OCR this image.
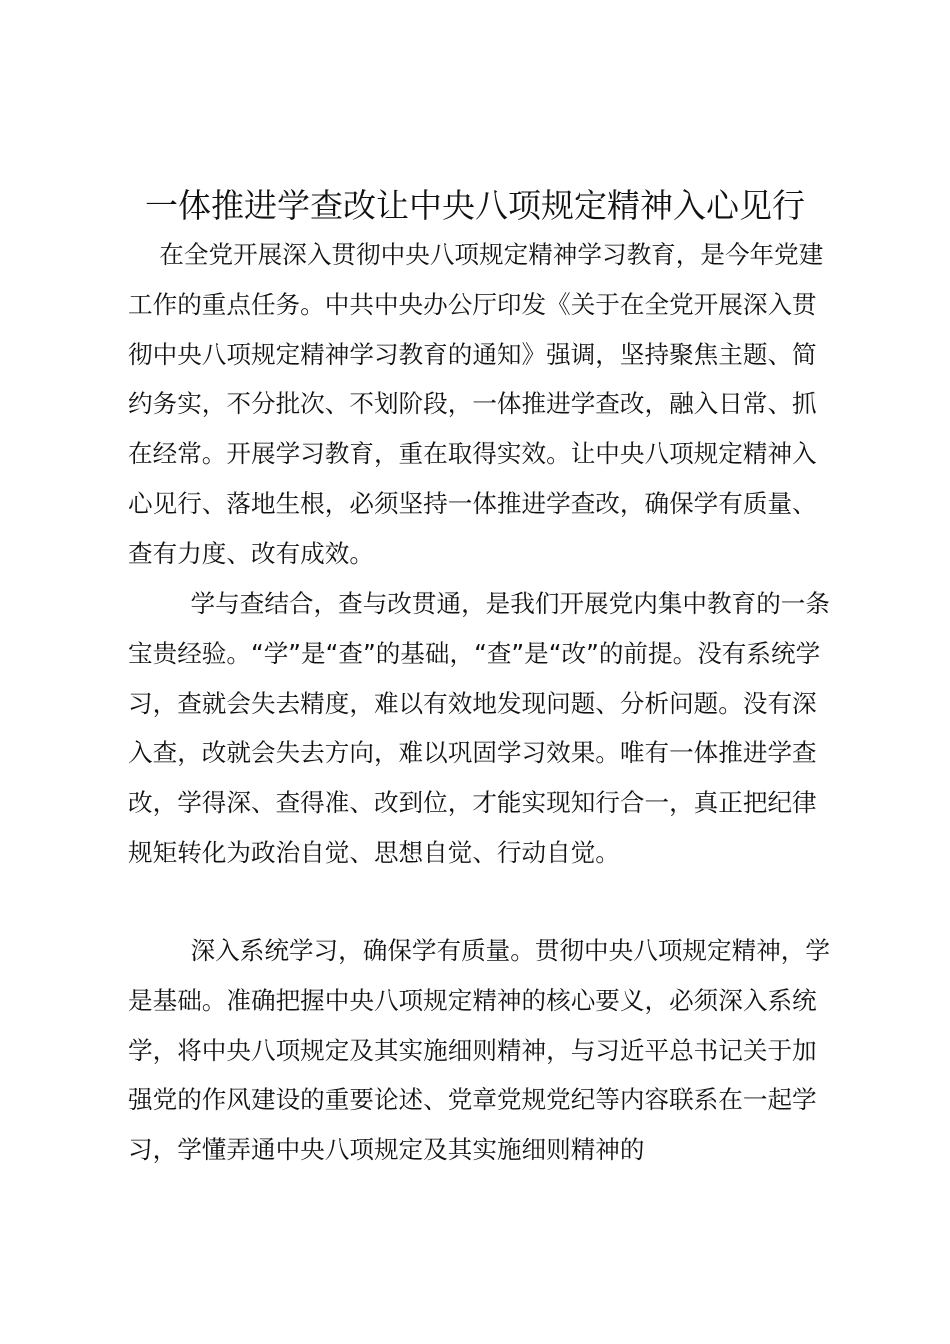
一体推进学查改让中央八项规定精神入心见行

在全党开展深入贯彻中央八项规定精神学习教育，是今年党建工作的重点任务。中共中央办公厅印发《关于在全党开展深入贯彻中央八项规定精神学习教育的通知》强调，坚持聚焦主题、简约务实，不分批次、不划阶段，一体推进学查改，融入日常、抓在经常。开展学习教育，重在取得实效。让中央八项规定精神入心见行、落地生根，必须坚持一体推进学查改，确保学有质量、查有力度、改有成效。

学与查结合，查与改贯通，是我们开展党内集中教育的一条宝贵经验。“学”是“查”的基础，“查”是“改”的前提。没有系统学习，查就会失去精度，难以有效地发现问题、分析问题。没有深入查，改就会失去方向，难以巩固学习效果。唯有一体推进学查改，学得深、查得准、改到位，才能实现知行合一，真正把纪律规矩转化为政治自觉、思想自觉、行动自觉。

深入系统学习，确保学有质量。贯彻中央八项规定精神，学是基础。准确把握中央八项规定精神的核心要义，必须深入系统学，将中央八项规定及其实施细则精神，与习近平总书记关于加强党的作风建设的重要论述、党章党规党纪等内容联系在一起学习，学懂弄通中央八项规定及其实施细则精神的
